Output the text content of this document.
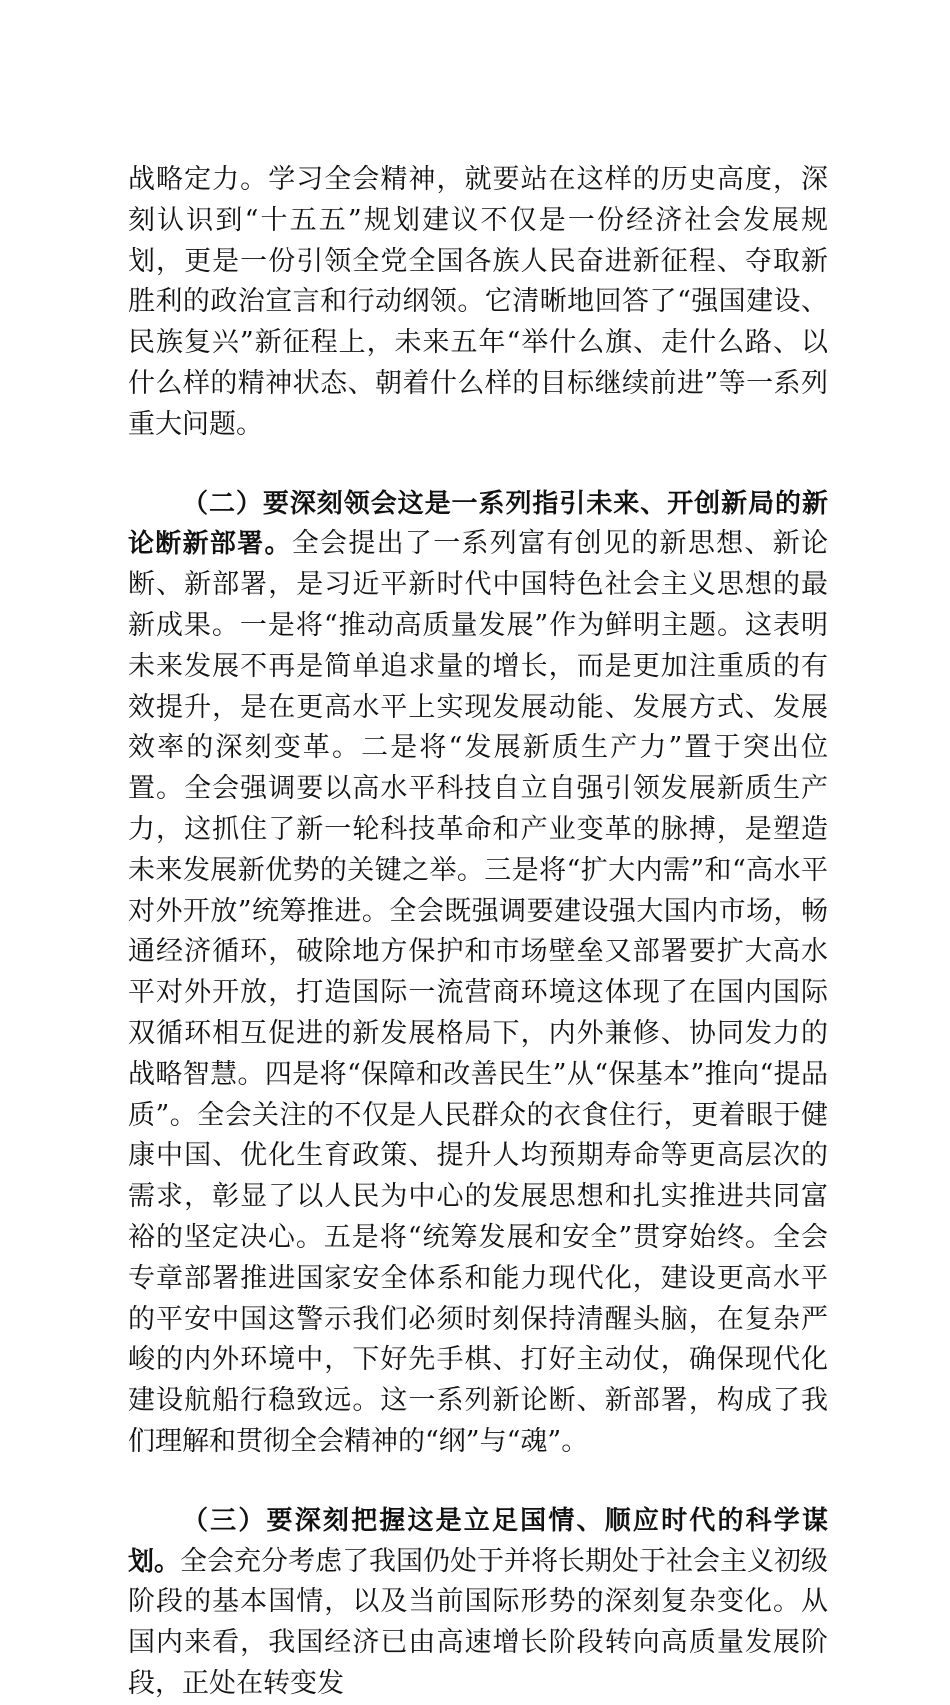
战略定力。学习全会精神，就要站在这样的历史高度，深刻认识到“十五五”规划建议不仅是一份经济社会发展规划，更是一份引领全党全国各族人民奋进新征程、夺取新胜利的政治宣言和行动纲领。它清晰地回答了“强国建设、民族复兴”新征程上，未来五年“举什么旗、走什么路、以什么样的精神状态、朝着什么样的目标继续前进”等一系列重大问题。

（二）要深刻领会这是一系列指引未来、开创新局的新论断新部署。全会提出了一系列富有创见的新思想、新论断、新部署，是习近平新时代中国特色社会主义思想的最新成果。一是将“推动高质量发展”作为鲜明主题。这表明未来发展不再是简单追求量的增长，而是更加注重质的有效提升，是在更高水平上实现发展动能、发展方式、发展效率的深刻变革。二是将“发展新质生产力”置于突出位置。全会强调要以高水平科技自立自强引领发展新质生产力，这抓住了新一轮科技革命和产业变革的脉搏，是塑造未来发展新优势的关键之举。三是将“扩大内需”和“高水平对外开放”统筹推进。全会既强调要建设强大国内市场，畅通经济循环，破除地方保护和市场壁垒又部署要扩大高水平对外开放，打造国际一流营商环境这体现了在国内国际双循环相互促进的新发展格局下，内外兼修、协同发力的战略智慧。四是将“保障和改善民生”从“保基本”推向“提品质”。全会关注的不仅是人民群众的衣食住行，更着眼于健康中国、优化生育政策、提升人均预期寿命等更高层次的需求，彰显了以人民为中心的发展思想和扎实推进共同富裕的坚定决心。五是将“统筹发展和安全”贯穿始终。全会专章部署推进国家安全体系和能力现代化，建设更高水平的平安中国这警示我们必须时刻保持清醒头脑，在复杂严峻的内外环境中，下好先手棋、打好主动仗，确保现代化建设航船行稳致远。这一系列新论断、新部署，构成了我们理解和贯彻全会精神的“纲”与“魂”。

（三）要深刻把握这是立足国情、顺应时代的科学谋划。全会充分考虑了我国仍处于并将长期处于社会主义初级阶段的基本国情，以及当前国际形势的深刻复杂变化。从国内来看，我国经济已由高速增长阶段转向高质量发展阶段，正处在转变发
